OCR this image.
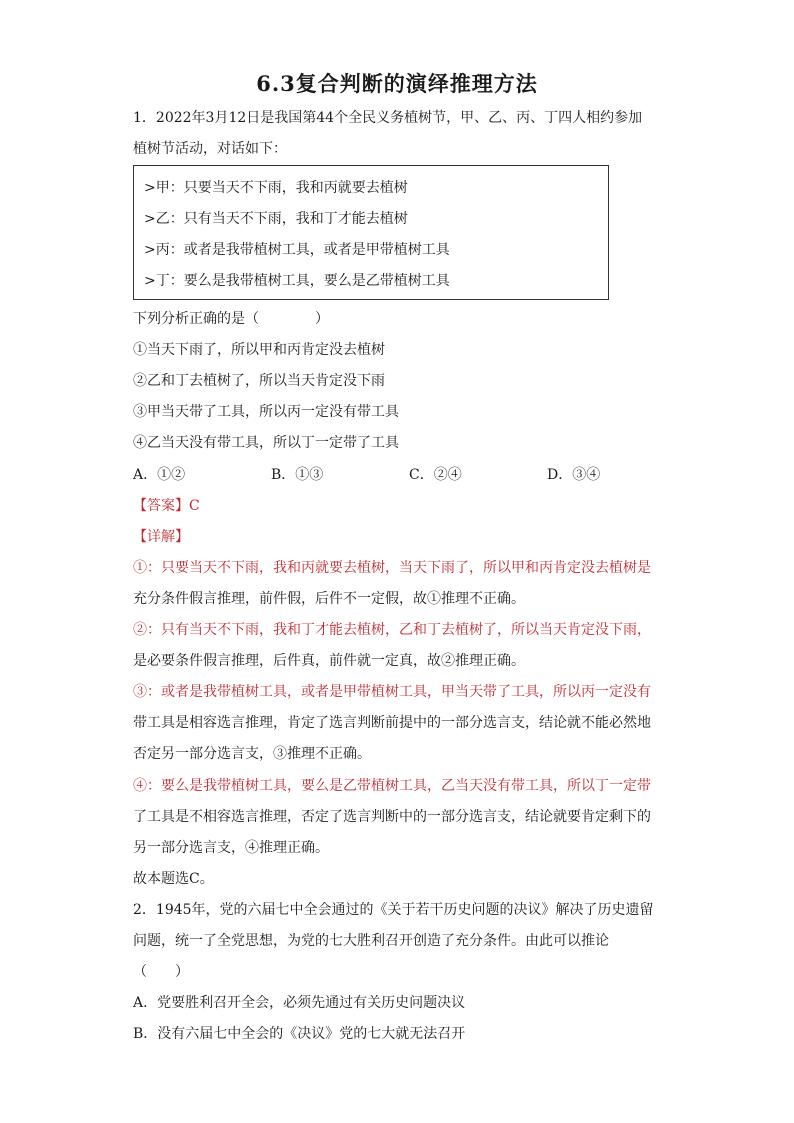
6.3复合判断的演绎推理方法
1．2022年3月12日是我国第44个全民义务植树节，甲、乙、丙、丁四人相约参加
植树节活动，对话如下：
>甲：只要当天不下雨，我和丙就要去植树
>乙：只有当天不下雨，我和丁才能去植树
>丙：或者是我带植树工具，或者是甲带植树工具
>丁：要么是我带植树工具，要么是乙带植树工具
下列分析正确的是（　　　　）
①当天下雨了，所以甲和丙肯定没去植树
②乙和丁去植树了，所以当天肯定没下雨
③甲当天带了工具，所以丙一定没有带工具
④乙当天没有带工具，所以丁一定带了工具
A．①②	B．①③	C．②④	D．③④
【答案】C
【详解】
①：只要当天不下雨，我和丙就要去植树，当天下雨了，所以甲和丙肯定没去植树是
充分条件假言推理，前件假，后件不一定假，故①推理不正确。
②：只有当天不下雨，我和丁才能去植树，乙和丁去植树了，所以当天肯定没下雨，
是必要条件假言推理，后件真，前件就一定真，故②推理正确。
③：或者是我带植树工具，或者是甲带植树工具，甲当天带了工具，所以丙一定没有
带工具是相容选言推理，肯定了选言判断前提中的一部分选言支，结论就不能必然地
否定另一部分选言支，③推理不正确。
④：要么是我带植树工具，要么是乙带植树工具，乙当天没有带工具，所以丁一定带
了工具是不相容选言推理，否定了选言判断中的一部分选言支，结论就要肯定剩下的
另一部分选言支，④推理正确。
故本题选C。
2．1945年，党的六届七中全会通过的《关于若干历史问题的决议》解决了历史遗留
问题，统一了全党思想，为党的七大胜利召开创造了充分条件。由此可以推论
（　　）
A．党要胜利召开全会，必须先通过有关历史问题决议
B．没有六届七中全会的《决议》党的七大就无法召开
